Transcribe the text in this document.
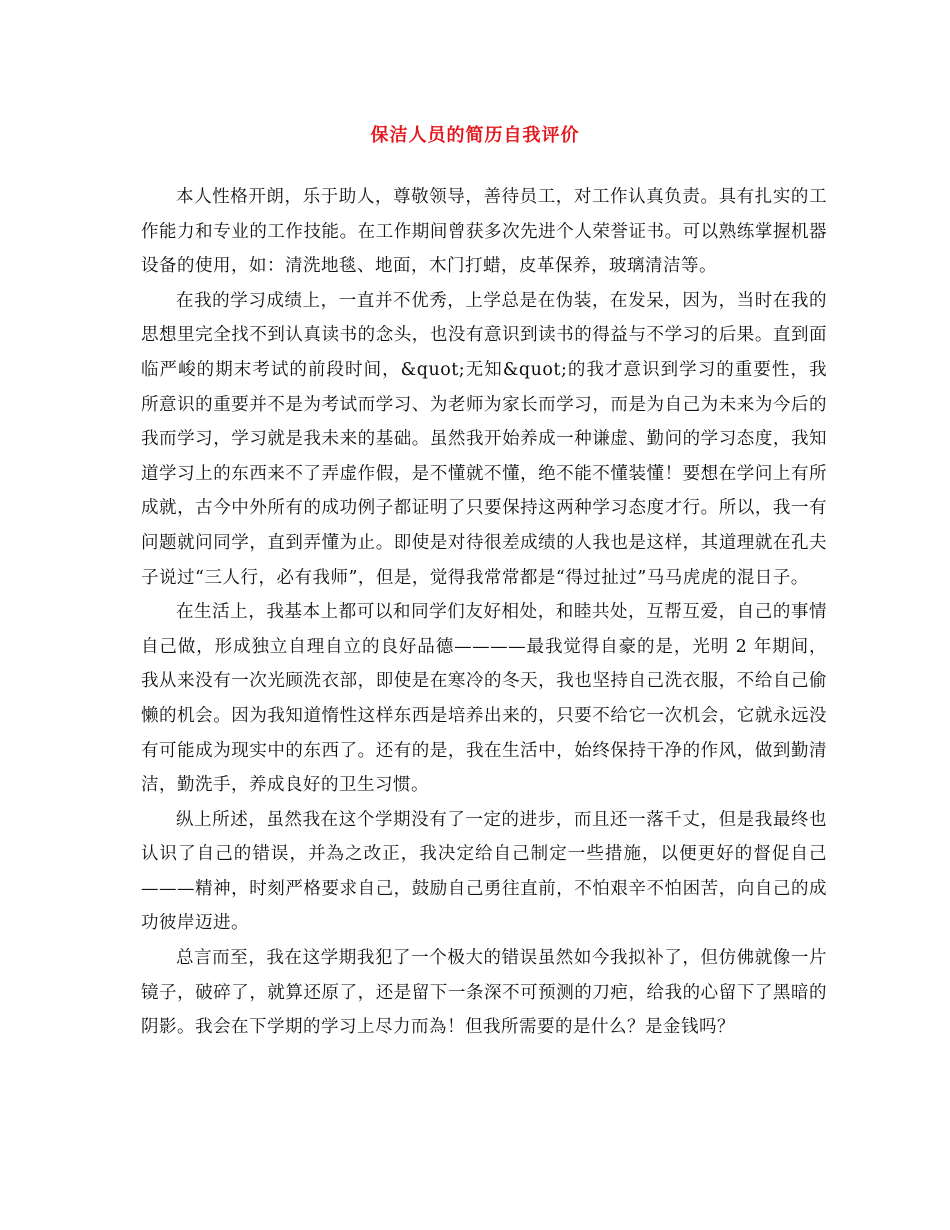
保洁人员的简历自我评价

本人性格开朗，乐于助人，尊敬领导，善待员工，对工作认真负责。具有扎实的工作能力和专业的工作技能。在工作期间曾获多次先进个人荣誉证书。可以熟练掌握机器设备的使用，如：清洗地毯、地面，木门打蜡，皮革保养，玻璃清洁等。

在我的学习成绩上，一直并不优秀，上学总是在伪装，在发呆，因为，当时在我的思想里完全找不到认真读书的念头，也没有意识到读书的得益与不学习的后果。直到面临严峻的期末考试的前段时间，&quot;无知&quot;的我才意识到学习的重要性，我所意识的重要并不是为考试而学习、为老师为家长而学习，而是为自己为未来为今后的我而学习，学习就是我未来的基础。虽然我开始养成一种谦虚、勤问的学习态度，我知道学习上的东西来不了弄虚作假，是不懂就不懂，绝不能不懂装懂！要想在学问上有所成就，古今中外所有的成功例子都证明了只要保持这两种学习态度才行。所以，我一有问题就问同学，直到弄懂为止。即使是对待很差成绩的人我也是这样，其道理就在孔夫子说过“三人行，必有我师”，但是，觉得我常常都是“得过扯过”马马虎虎的混日子。

在生活上，我基本上都可以和同学们友好相处，和睦共处，互帮互爱，自己的事情自己做，形成独立自理自立的良好品德————最我觉得自豪的是，光明 2 年期间，我从来没有一次光顾洗衣部，即使是在寒冷的冬天，我也坚持自己洗衣服，不给自己偷懒的机会。因为我知道惰性这样东西是培养出来的，只要不给它一次机会，它就永远没有可能成为现实中的东西了。还有的是，我在生活中，始终保持干净的作风，做到勤清洁，勤洗手，养成良好的卫生习惯。

纵上所述，虽然我在这个学期没有了一定的进步，而且还一落千丈，但是我最终也认识了自己的错误，并為之改正，我决定给自己制定一些措施，以便更好的督促自己———精神，时刻严格要求自己，鼓励自己勇往直前，不怕艰辛不怕困苦，向自己的成功彼岸迈进。

总言而至，我在这学期我犯了一个极大的错误虽然如今我拟补了，但仿佛就像一片镜子，破碎了，就算还原了，还是留下一条深不可预测的刀疤，给我的心留下了黑暗的阴影。我会在下学期的学习上尽力而為！但我所需要的是什么？是金钱吗？
